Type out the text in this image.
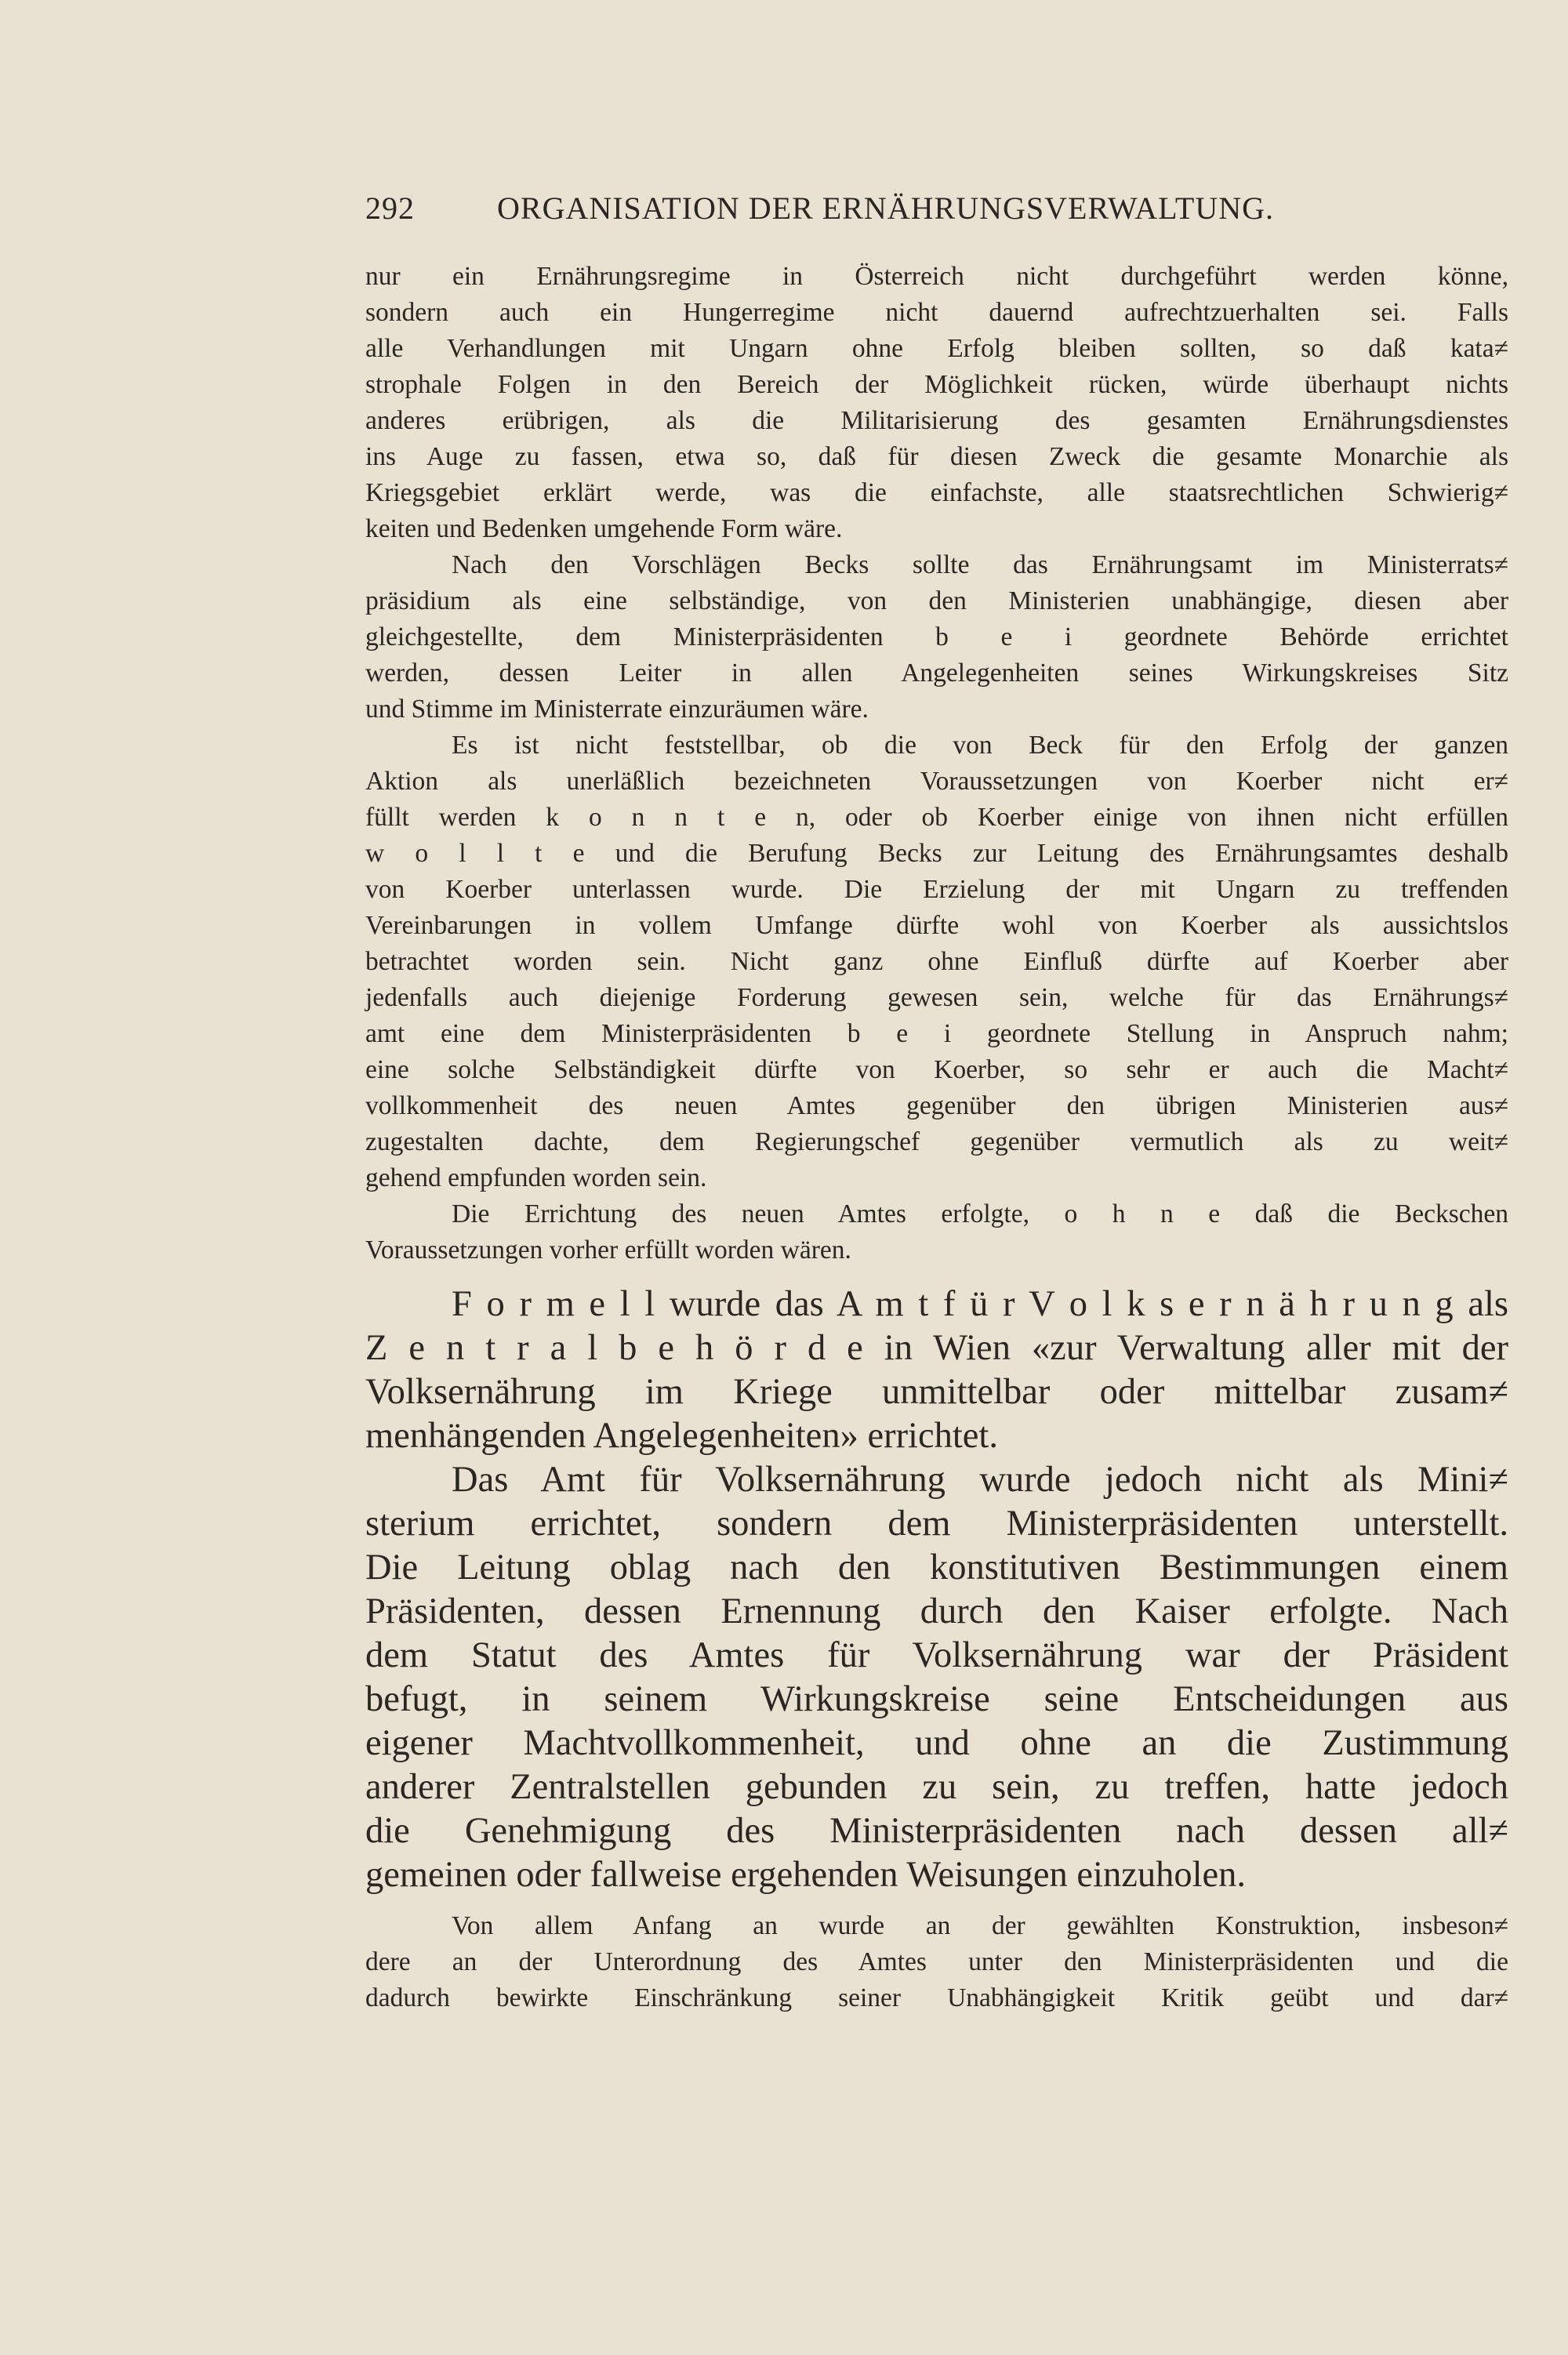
292	ORGANISATION DER ERNÄHRUNGSVERWALTUNG.
nur ein Ernährungsregime in Österreich nicht durchgeführt werden könne,
sondern auch ein Hungerregime nicht dauernd aufrechtzuerhalten sei. Falls
alle Verhandlungen mit Ungarn ohne Erfolg bleiben sollten, so daß kata≠
strophale Folgen in den Bereich der Möglichkeit rücken, würde überhaupt nichts
anderes erübrigen, als die Militarisierung des gesamten Ernährungsdienstes
ins Auge zu fassen, etwa so, daß für diesen Zweck die gesamte Monarchie als
Kriegsgebiet erklärt werde, was die einfachste, alle staatsrechtlichen Schwierig≠
keiten und Bedenken umgehende Form wäre.
Nach den Vorschlägen Becks sollte das Ernährungsamt im Ministerrats≠
präsidium als eine selbständige, von den Ministerien unabhängige, diesen aber
gleichgestellte, dem Ministerpräsidenten b e i geordnete Behörde errichtet
werden, dessen Leiter in allen Angelegenheiten seines Wirkungskreises Sitz
und Stimme im Ministerrate einzuräumen wäre.
Es ist nicht feststellbar, ob die von Beck für den Erfolg der ganzen
Aktion als unerläßlich bezeichneten Voraussetzungen von Koerber nicht er≠
füllt werden k o n n t e n, oder ob Koerber einige von ihnen nicht erfüllen
w o l l t e und die Berufung Becks zur Leitung des Ernährungsamtes deshalb
von Koerber unterlassen wurde. Die Erzielung der mit Ungarn zu treffenden
Vereinbarungen in vollem Umfange dürfte wohl von Koerber als aussichtslos
betrachtet worden sein. Nicht ganz ohne Einfluß dürfte auf Koerber aber
jedenfalls auch diejenige Forderung gewesen sein, welche für das Ernährungs≠
amt eine dem Ministerpräsidenten b e i geordnete Stellung in Anspruch nahm;
eine solche Selbständigkeit dürfte von Koerber, so sehr er auch die Macht≠
vollkommenheit des neuen Amtes gegenüber den übrigen Ministerien aus≠
zugestalten dachte, dem Regierungschef gegenüber vermutlich als zu weit≠
gehend empfunden worden sein.
Die Errichtung des neuen Amtes erfolgte, o h n e daß die Beckschen
Voraussetzungen vorher erfüllt worden wären.
F o r m e l l wurde das A m t f ü r V o l k s e r n ä h r u n g als
Z e n t r a l b e h ö r d e in Wien «zur Verwaltung aller mit der
Volksernährung im Kriege unmittelbar oder mittelbar zusam≠
menhängenden Angelegenheiten» errichtet.
Das Amt für Volksernährung wurde jedoch nicht als Mini≠
sterium errichtet, sondern dem Ministerpräsidenten unterstellt.
Die Leitung oblag nach den konstitutiven Bestimmungen einem
Präsidenten, dessen Ernennung durch den Kaiser erfolgte. Nach
dem Statut des Amtes für Volksernährung war der Präsident
befugt, in seinem Wirkungskreise seine Entscheidungen aus
eigener Machtvollkommenheit, und ohne an die Zustimmung
anderer Zentralstellen gebunden zu sein, zu treffen, hatte jedoch
die Genehmigung des Ministerpräsidenten nach dessen all≠
gemeinen oder fallweise ergehenden Weisungen einzuholen.
Von allem Anfang an wurde an der gewählten Konstruktion, insbeson≠
dere an der Unterordnung des Amtes unter den Ministerpräsidenten und die
dadurch bewirkte Einschränkung seiner Unabhängigkeit Kritik geübt und dar≠
